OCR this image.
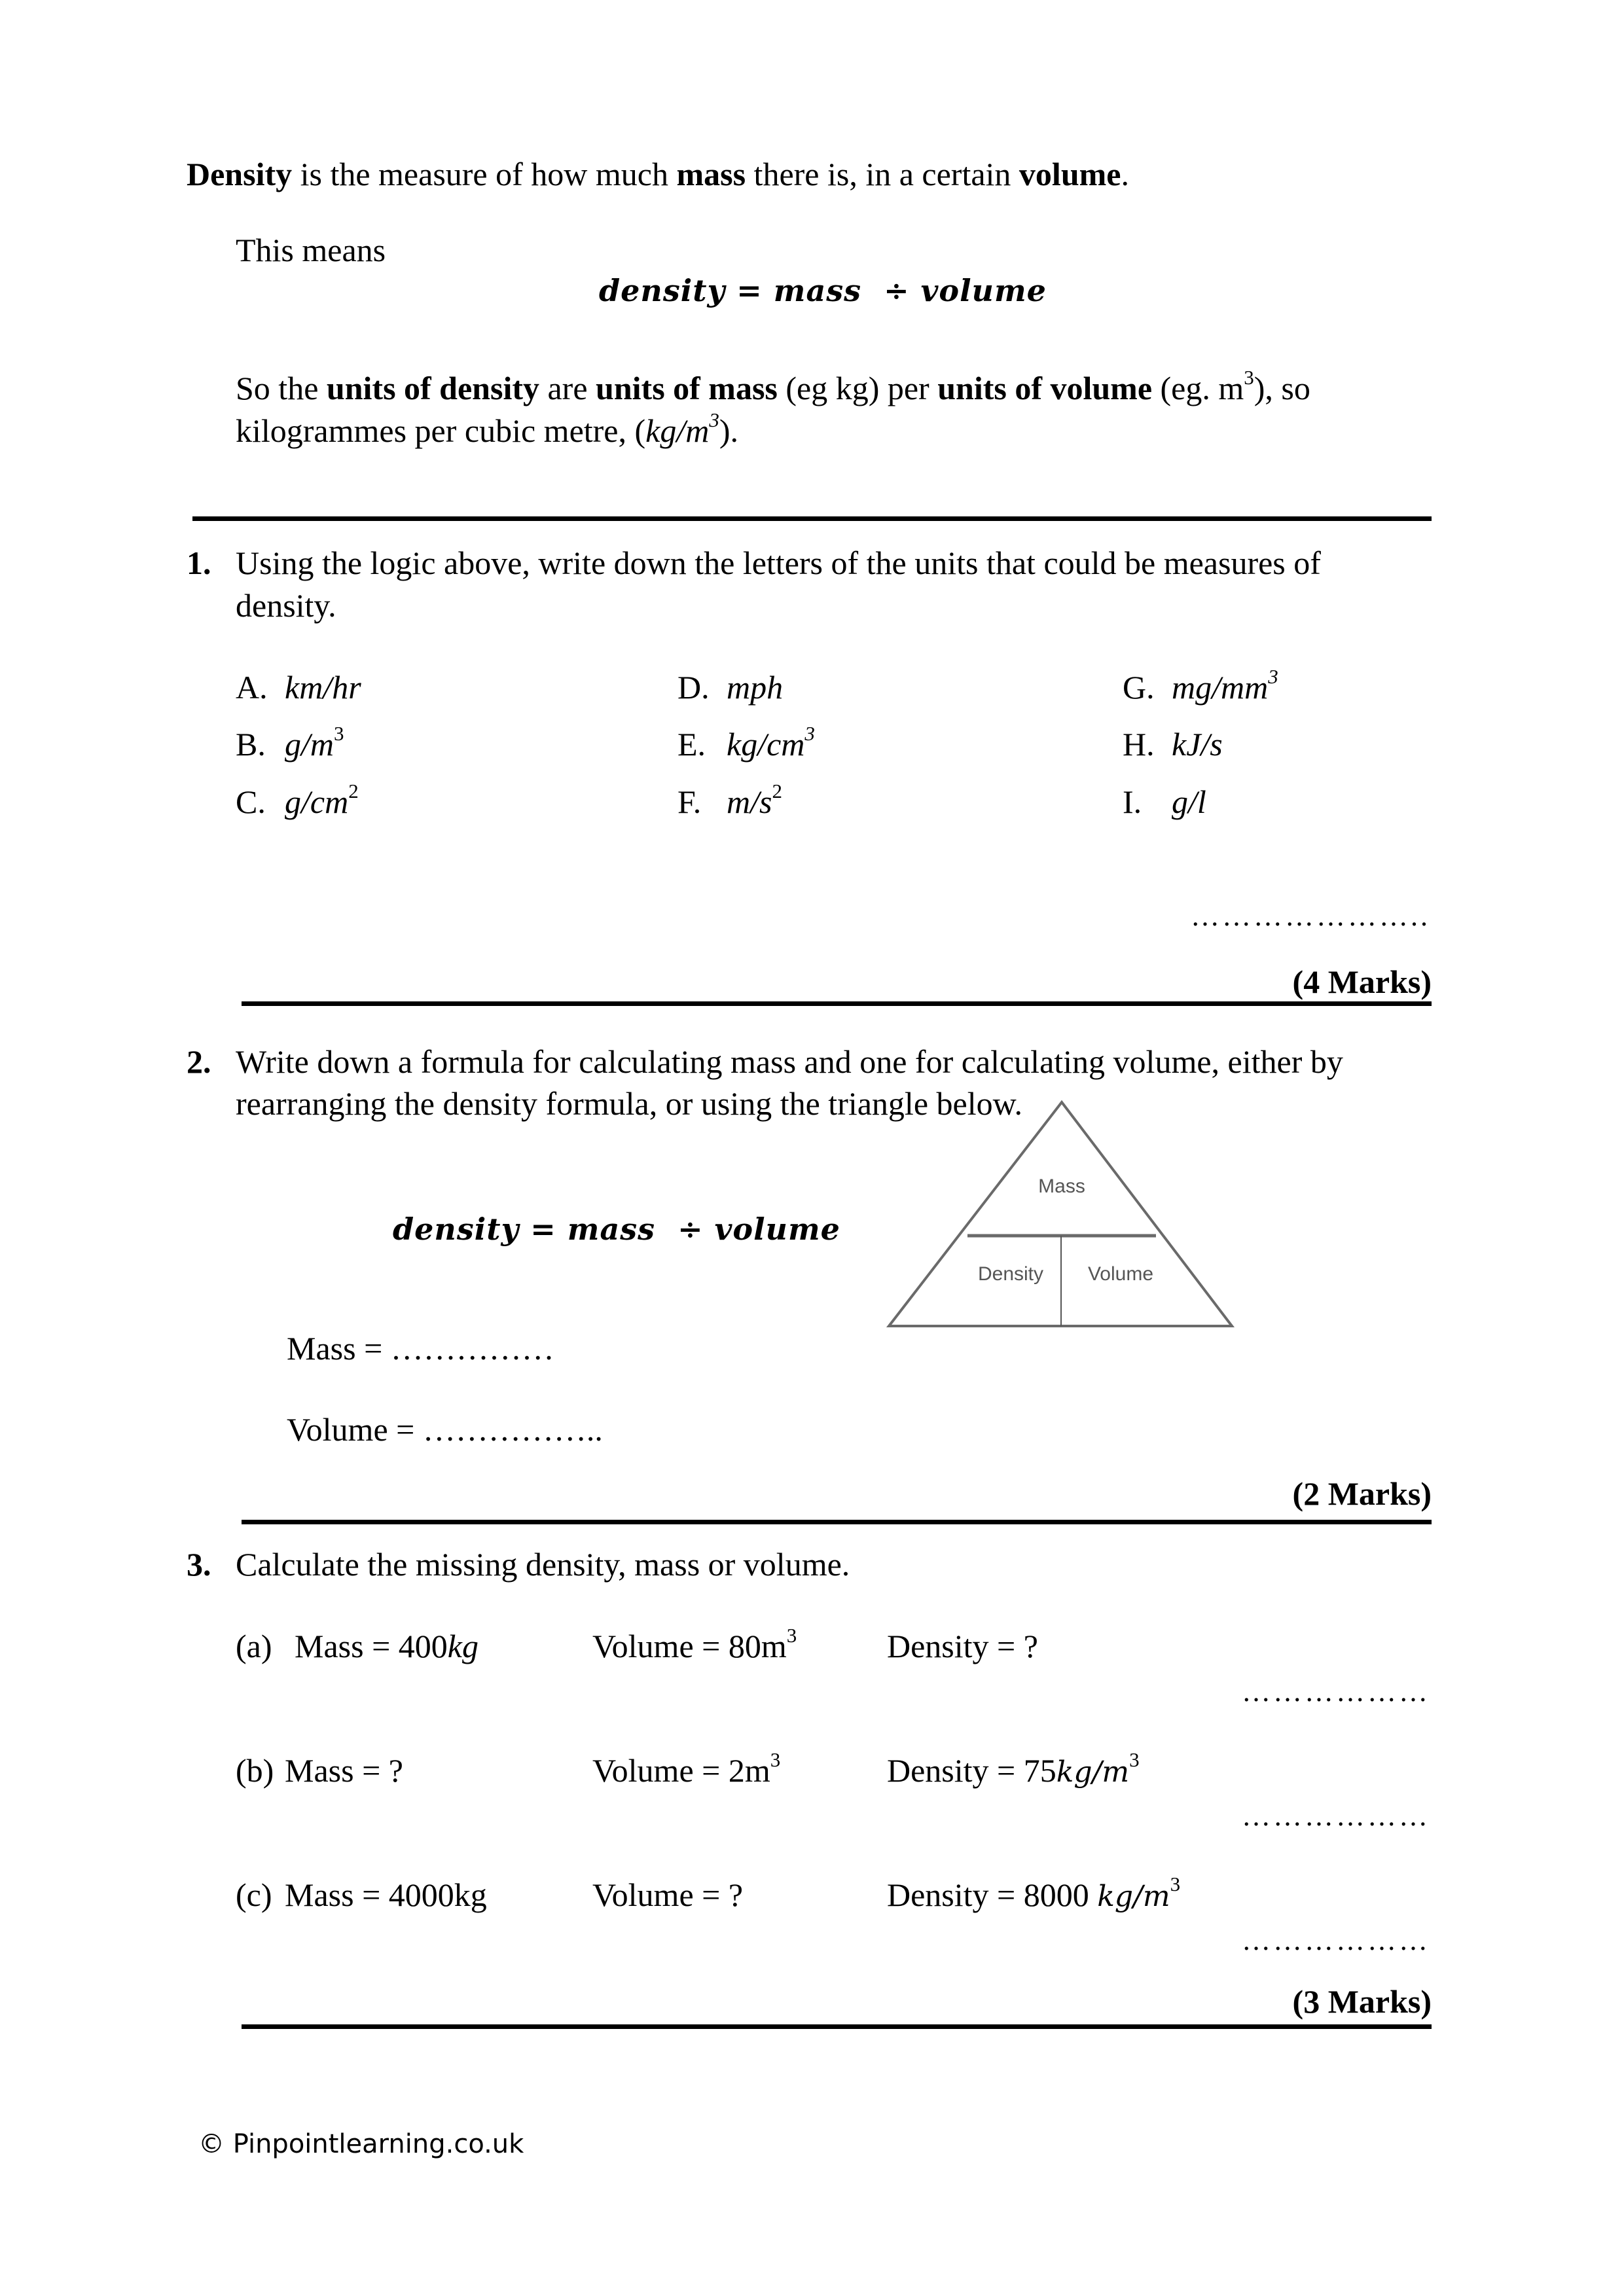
Density is the measure of how much mass there is, in a certain volume.
This means
density = mass  ÷ volume
So the units of density are units of mass (eg kg) per units of volume (eg. $m^3$), so
kilogrammes per cubic metre, $(kg/m^3)$.
1. Using the logic above, write down the letters of the units that could be measures of
density.
A. km/hr
B. $g/m^3$
C. $g/cm^2$
D. mph
E. $kg/cm^3$
F. $m/s^2$
G. $mg/mm^3$
H. kJ/s
I. g/l
…………………..
(4 Marks)
2. Write down a formula for calculating mass and one for calculating volume, either by
rearranging the density formula, or using the triangle below.
density = mass  ÷ volume
Mass
Density Volume
Mass = ……………
Volume = ……………..
(2 Marks)
3. Calculate the missing density, mass or volume.
(a) Mass = 400kg	Volume = $80m^3$	Density = ?
………………
(b) Mass = ?	Volume = $2m^3$	Density = $75kg/m^3$
………………
(c) Mass = 4000kg	Volume = ?	Density = 8000 $kg/m^3$
………………
(3 Marks)
© Pinpointlearning.co.uk
